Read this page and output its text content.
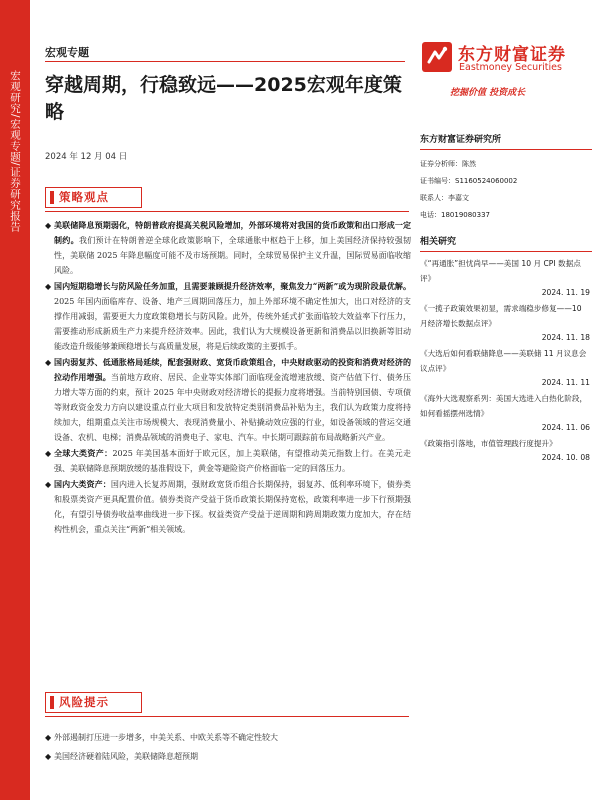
宏观研究/宏观专题/证券研究报告
宏观专题
穿越周期，行稳致远——2025宏观年度策略
2024 年 12 月 04 日
东方财富证券
Eastmoney Securities
挖掘价值 投资成长
东方财富证券研究所
证券分析师：陈然
证书编号：S1160524060002
联系人：李嘉文
电话：18019080337
相关研究
《“再通胀”担忧尚早——美国 10 月 CPI 数据点评》
2024. 11. 19
《一揽子政策效果初显，需求端稳步修复——10 月经济增长数据点评》
2024. 11. 18
《大选后如何看联储降息——美联储 11 月议息会议点评》
2024. 11. 11
《海外大选观察系列：美国大选进入白热化阶段，如何看摇摆州选情》
2024. 11. 06
《政策指引落地，市值管理践行度提升》
2024. 10. 08
策略观点
◆ 美联储降息预期弱化，特朗普政府提高关税风险增加，外部环境将对我国的货币政策和出口形成一定制约。我们预计在特朗普逆全球化政策影响下，全球通胀中枢趋于上移，加上美国经济保持较强韧性，美联储 2025 年降息幅度可能不及市场预期。同时，全球贸易保护主义升温，国际贸易面临收缩风险。
◆ 国内短期稳增长与防风险任务加重，且需要兼顾提升经济效率，聚焦发力“两新”或为现阶段最优解。2025 年国内面临库存、设备、地产三周期回落压力，加上外部环境不确定性加大，出口对经济的支撑作用减弱，需要更大力度政策稳增长与防风险。此外，传统外延式扩张面临较大效益率下行压力，需要推动形成新质生产力来提升经济效率。因此，我们认为大规模设备更新和消费品以旧换新等旧动能改造升级能够兼顾稳增长与高质量发展，将是后续政策的主要抓手。
◆ 国内弱复苏、低通胀格局延续，配套强财政、宽货币政策组合，中央财政驱动的投资和消费对经济的拉动作用增强。当前地方政府、居民、企业等实体部门面临现金流增速放缓、资产估值下行、债务压力增大等方面的约束，预计 2025 年中央财政对经济增长的提振力度将增强。当前特别国债、专项债等财政资金发力方向以建设重点行业大项目和发放特定类别消费品补贴为主，我们认为政策力度将持续加大，组期重点关注市场规模大、表现消费量小、补贴撬动效应强的行业，如设备领域的营运交通设备、农机、电梯；消费品领域的消费电子、家电、汽车。中长期可跟踪前布局战略新兴产业。
◆ 全球大类资产：2025 年美国基本面好于欧元区，加上美联储，有望推动美元指数上行。在美元走强、美联储降息预期放缓的基准假设下，黄金等避险资产价格面临一定的回落压力。
◆ 国内大类资产：国内进入长复苏周期，强财政宽货币组合长期保持，弱复苏、低利率环境下，债券类和股票类资产更具配置价值。债券类资产受益于货币政策长期保持宽松，政策利率进一步下行预期强化，有望引导债券收益率曲线进一步下探。权益类资产受益于逆周期和跨周期政策力度加大，存在结构性机会，重点关注“两新”相关领域。
风险提示
◆ 外部遏制打压进一步增多，中美关系、中欧关系等不确定性较大
◆ 美国经济硬着陆风险，美联储降息超预期
